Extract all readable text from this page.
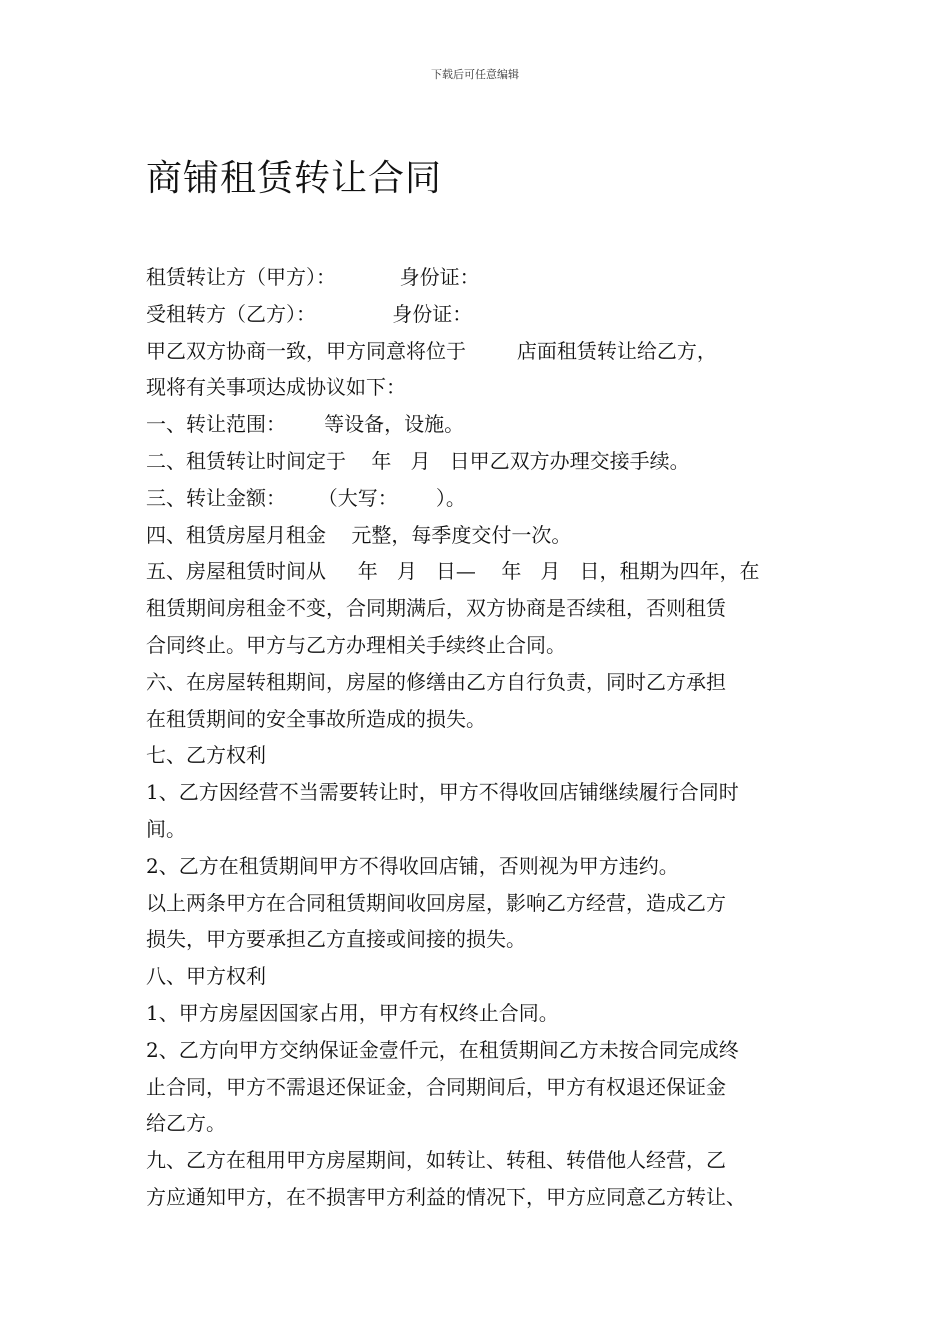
下载后可任意编辑
商铺租赁转让合同
租赁转让方（甲方）：          身份证：
受租转方（乙方）：            身份证：
甲乙双方协商一致，甲方同意将位于        店面租赁转让给乙方，
现将有关事项达成协议如下：
一、转让范围：      等设备，设施。
二、租赁转让时间定于    年   月   日甲乙双方办理交接手续。
三、转让金额：     （大写：      ）。
四、租赁房屋月租金    元整，每季度交付一次。
五、房屋租赁时间从     年   月   日—    年   月   日，租期为四年，在
租赁期间房租金不变，合同期满后，双方协商是否续租，否则租赁
合同终止。甲方与乙方办理相关手续终止合同。
六、在房屋转租期间，房屋的修缮由乙方自行负责，同时乙方承担
在租赁期间的安全事故所造成的损失。
七、乙方权利
1、乙方因经营不当需要转让时，甲方不得收回店铺继续履行合同时
间。
2、乙方在租赁期间甲方不得收回店铺，否则视为甲方违约。
以上两条甲方在合同租赁期间收回房屋，影响乙方经营，造成乙方
损失，甲方要承担乙方直接或间接的损失。
八、甲方权利
1、甲方房屋因国家占用，甲方有权终止合同。
2、乙方向甲方交纳保证金壹仟元，在租赁期间乙方未按合同完成终
止合同，甲方不需退还保证金，合同期间后，甲方有权退还保证金
给乙方。
九、乙方在租用甲方房屋期间，如转让、转租、转借他人经营，乙
方应通知甲方，在不损害甲方利益的情况下，甲方应同意乙方转让、
